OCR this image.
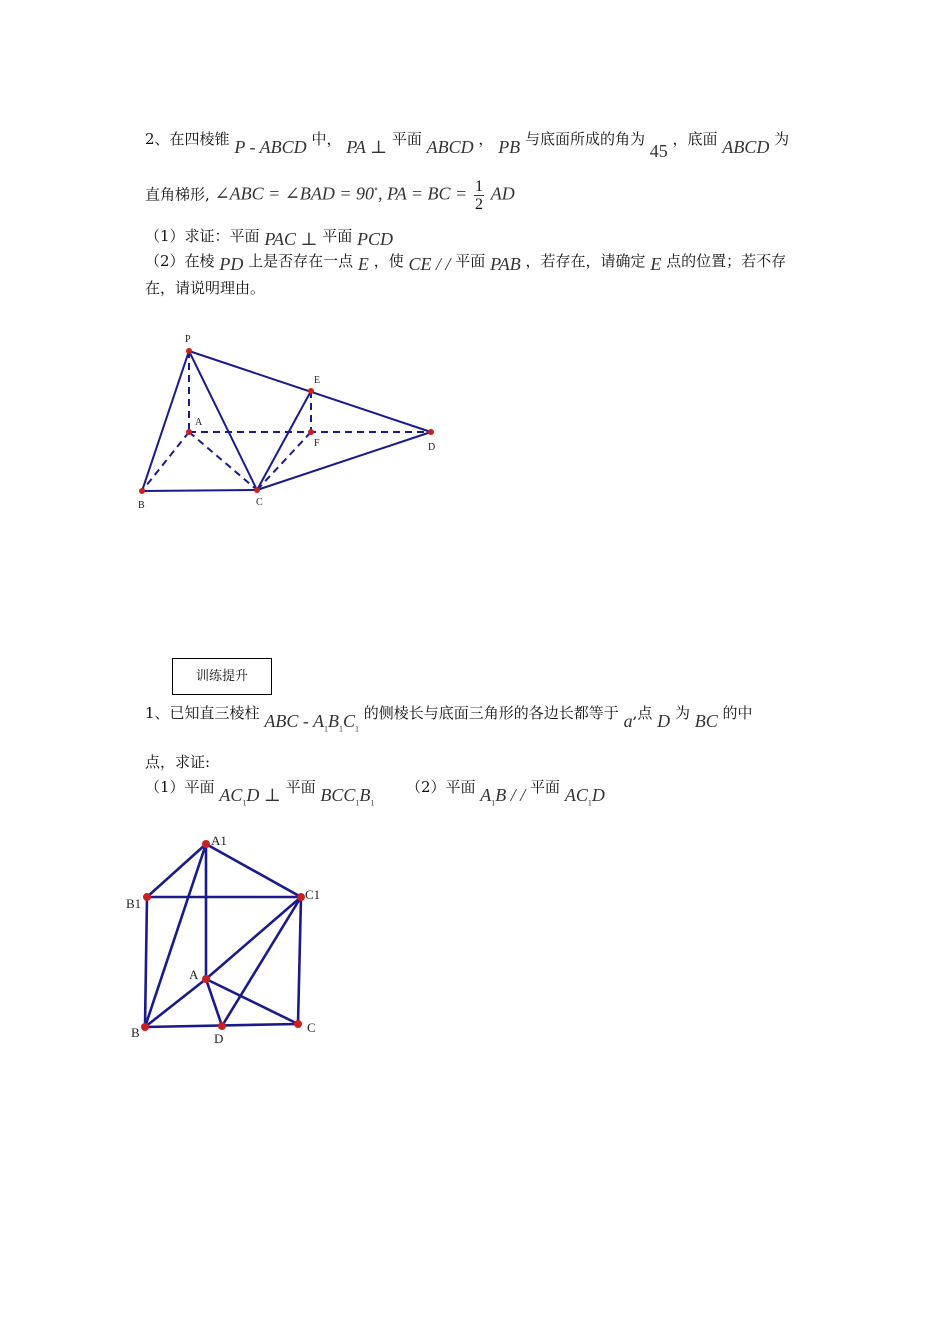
2、在四棱锥 P - ABCD 中， PA ⊥ 平面 ABCD ， PB 与底面所成的角为 45 ，底面 ABCD 为
直角梯形, ∠ABC = ∠BAD = 90°, PA = BC = $\frac{1}{2}$ AD
（1）求证：平面 PAC ⊥ 平面 PCD
（2）在棱 PD 上是否存在一点 E ，使 CE / / 平面 PAB ，若存在，请确定 E 点的位置；若不存
在，请说明理由。
训练提升
1、已知直三棱柱 ABC - $A_1B_1C_1$ 的侧棱长与底面三角形的各边长都等于 a,点 D 为 BC 的中
点，求证:
（1）平面 $AC_1D$ ⊥ 平面 $BCC_1B_1$  （2）平面 $A_1B$ / / 平面 $AC_1D$
P
E
A
F	D
B	C
A1
B1
C1
A
B	D
C
